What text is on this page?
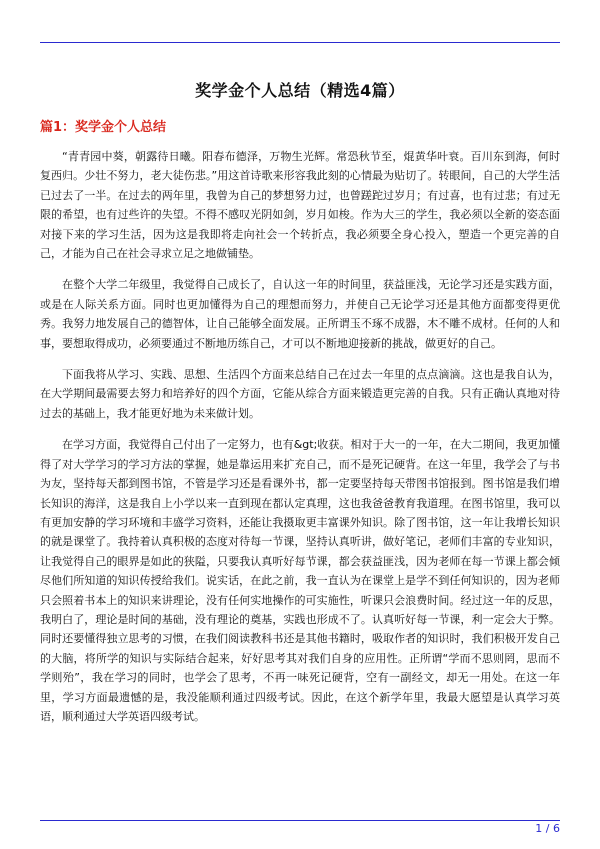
奖学金个人总结（精选4篇）
篇1：奖学金个人总结

“青青园中葵，朝露待日曦。阳春布德泽，万物生光辉。常恐秋节至，焜黄华叶衰。百川东到海，何时复西归。少壮不努力，老大徒伤悲。”用这首诗歌来形容我此刻的心情最为贴切了。转眼间，自己的大学生活已过去了一半。在过去的两年里，我曾为自己的梦想努力过，也曾蹉跎过岁月；有过喜，也有过悲；有过无限的希望，也有过些许的失望。不得不感叹光阴如剑，岁月如梭。作为大三的学生，我必须以全新的姿态面对接下来的学习生活，因为这是我即将走向社会一个转折点，我必须要全身心投入，塑造一个更完善的自己，才能为自己在社会寻求立足之地做铺垫。

在整个大学二年级里，我觉得自己成长了，自认这一年的时间里，获益匪浅，无论学习还是实践方面，或是在人际关系方面。同时也更加懂得为自己的理想而努力，并使自己无论学习还是其他方面都变得更优秀。我努力地发展自己的德智体，让自己能够全面发展。正所谓玉不琢不成器，木不雕不成材。任何的人和事，要想取得成功，必须要通过不断地历练自己，才可以不断地迎接新的挑战，做更好的自己。

下面我将从学习、实践、思想、生活四个方面来总结自己在过去一年里的点点滴滴。这也是我自认为，在大学期间最需要去努力和培养好的四个方面，它能从综合方面来锻造更完善的自我。只有正确认真地对待过去的基础上，我才能更好地为未来做计划。

在学习方面，我觉得自己付出了一定努力，也有&gt;收获。相对于大一的一年，在大二期间，我更加懂得了对大学学习的学习方法的掌握，她是靠运用来扩充自己，而不是死记硬背。在这一年里，我学会了与书为友，坚持每天都到图书馆，不管是学习还是看课外书，都一定要坚持每天带图书馆报到。图书馆是我们增长知识的海洋，这是我自上小学以来一直到现在都认定真理，这也我爸爸教育我道理。在图书馆里，我可以有更加安静的学习环境和丰盛学习资料，还能让我摄取更丰富课外知识。除了图书馆，这一年让我增长知识的就是课堂了。我持着认真积极的态度对待每一节课，坚持认真听讲，做好笔记，老师们丰富的专业知识，让我觉得自己的眼界是如此的狭隘，只要我认真听好每节课，都会获益匪浅，因为老师在每一节课上都会倾尽他们所知道的知识传授给我们。说实话，在此之前，我一直认为在课堂上是学不到任何知识的，因为老师只会照着书本上的知识来讲理论，没有任何实地操作的可实施性，听课只会浪费时间。经过这一年的反思，我明白了，理论是时间的基础，没有理论的奠基，实践也形成不了。认真听好每一节课，利一定会大于弊。同时还要懂得独立思考的习惯，在我们阅读教科书还是其他书籍时，吸取作者的知识时，我们积极开发自己的大脑，将所学的知识与实际结合起来，好好思考其对我们自身的应用性。正所谓“学而不思则罔，思而不学则殆”，我在学习的同时，也学会了思考，不再一味死记硬背，空有一副经文，却无一用处。在这一年里，学习方面最遗憾的是，我没能顺利通过四级考试。因此，在这个新学年里，我最大愿望是认真学习英语，顺利通过大学英语四级考试。

1 / 6
